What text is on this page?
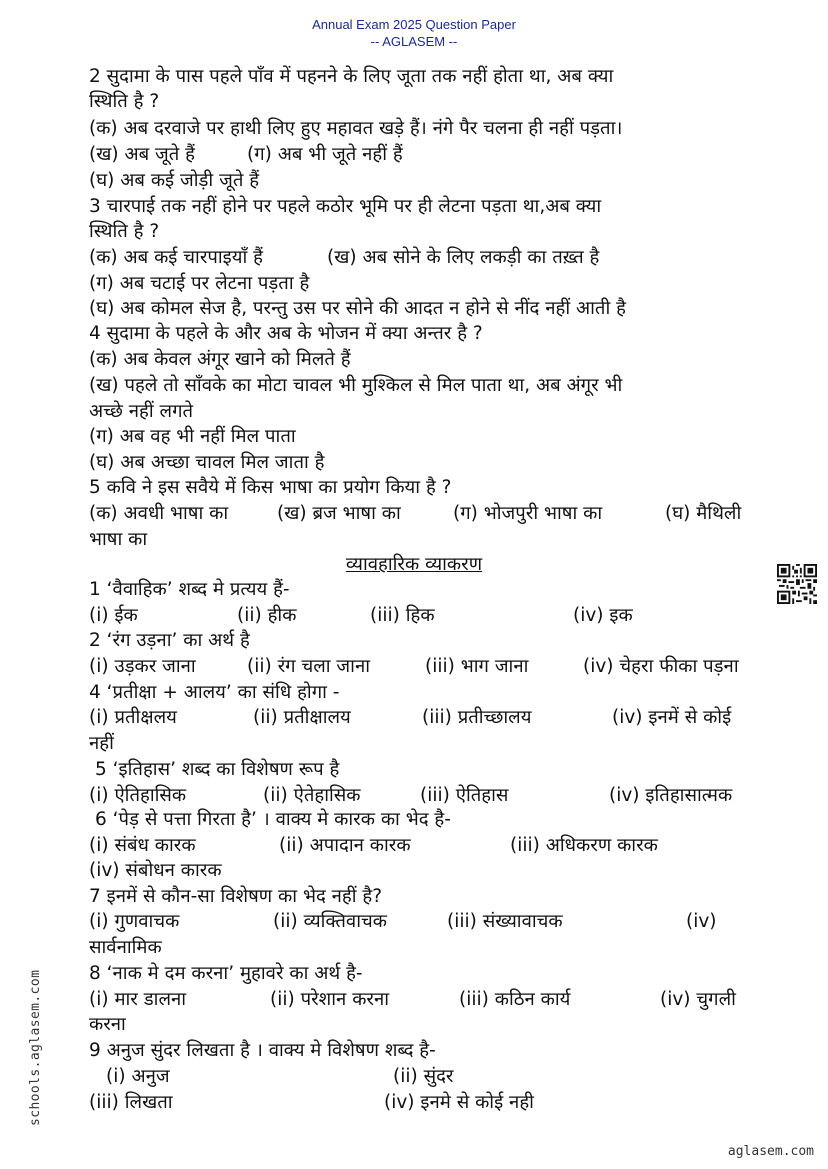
Annual Exam 2025 Question Paper
-- AGLASEM --
2 सुदामा के पास पहले पाँव में पहनने के लिए जूता तक नहीं होता था, अब क्या
स्थिति है ?
(क) अब दरवाजे पर हाथी लिए हुए महावत खड़े हैं। नंगे पैर चलना ही नहीं पड़ता।
(ख) अब जूते हैं	(ग) अब भी जूते नहीं हैं
(घ) अब कई जोड़ी जूते हैं
3 चारपाई तक नहीं होने पर पहले कठोर भूमि पर ही लेटना पड़ता था,अब क्या
स्थिति है ?
(क) अब कई चारपाइयाँ हैं	(ख) अब सोने के लिए लकड़ी का तख़्त है
(ग) अब चटाई पर लेटना पड़ता है
(घ) अब कोमल सेज है, परन्तु उस पर सोने की आदत न होने से नींद नहीं आती है
4 सुदामा के पहले के और अब के भोजन में क्या अन्तर है ?
(क) अब केवल अंगूर खाने को मिलते हैं
(ख) पहले तो साँवके का मोटा चावल भी मुश्किल से मिल पाता था, अब अंगूर भी
अच्छे नहीं लगते
(ग) अब वह भी नहीं मिल पाता
(घ) अब अच्छा चावल मिल जाता है
5 कवि ने इस सवैये में किस भाषा का प्रयोग किया है ?
(क) अवधी भाषा का	(ख) ब्रज भाषा का	(ग) भोजपुरी भाषा का	(घ) मैथिली
भाषा का
व्यावहारिक व्याकरण
1 ‘वैवाहिक’ शब्द मे प्रत्यय हैं-
(i) ईक	(ii) हीक	(iii) हिक	(iv) इक
2 ‘रंग उड़ना’ का अर्थ है
(i) उड़कर जाना	(ii) रंग चला जाना	(iii) भाग जाना	(iv) चेहरा फीका पड़ना
4 ‘प्रतीक्षा + आलय’ का संधि होगा -
(i) प्रतीक्षलय	(ii) प्रतीक्षालय	(iii) प्रतीच्छालय	(iv) इनमें से कोई
नहीं
5 ‘इतिहास’ शब्द का विशेषण रूप है
(i) ऐतिहासिक	(ii) ऐतेहासिक	(iii) ऐतिहास	(iv) इतिहासात्मक
6 ‘पेड़ से पत्ता गिरता है’ । वाक्य मे कारक का भेद है-
(i) संबंध कारक	(ii) अपादान कारक	(iii) अधिकरण कारक
(iv) संबोधन कारक
7 इनमें से कौन-सा विशेषण का भेद नहीं है?
(i) गुणवाचक	(ii) व्यक्तिवाचक	(iii) संख्यावाचक	(iv)
सार्वनामिक
8 ‘नाक मे दम करना’ मुहावरे का अर्थ है-
(i) मार डालना	(ii) परेशान करना	(iii) कठिन कार्य	(iv) चुगली
करना
9 अनुज सुंदर लिखता है । वाक्य मे विशेषण शब्द है-
(i) अनुज	(ii) सुंदर
(iii) लिखता	(iv) इनमे से कोई नही
schools.aglasem.com
aglasem.com
